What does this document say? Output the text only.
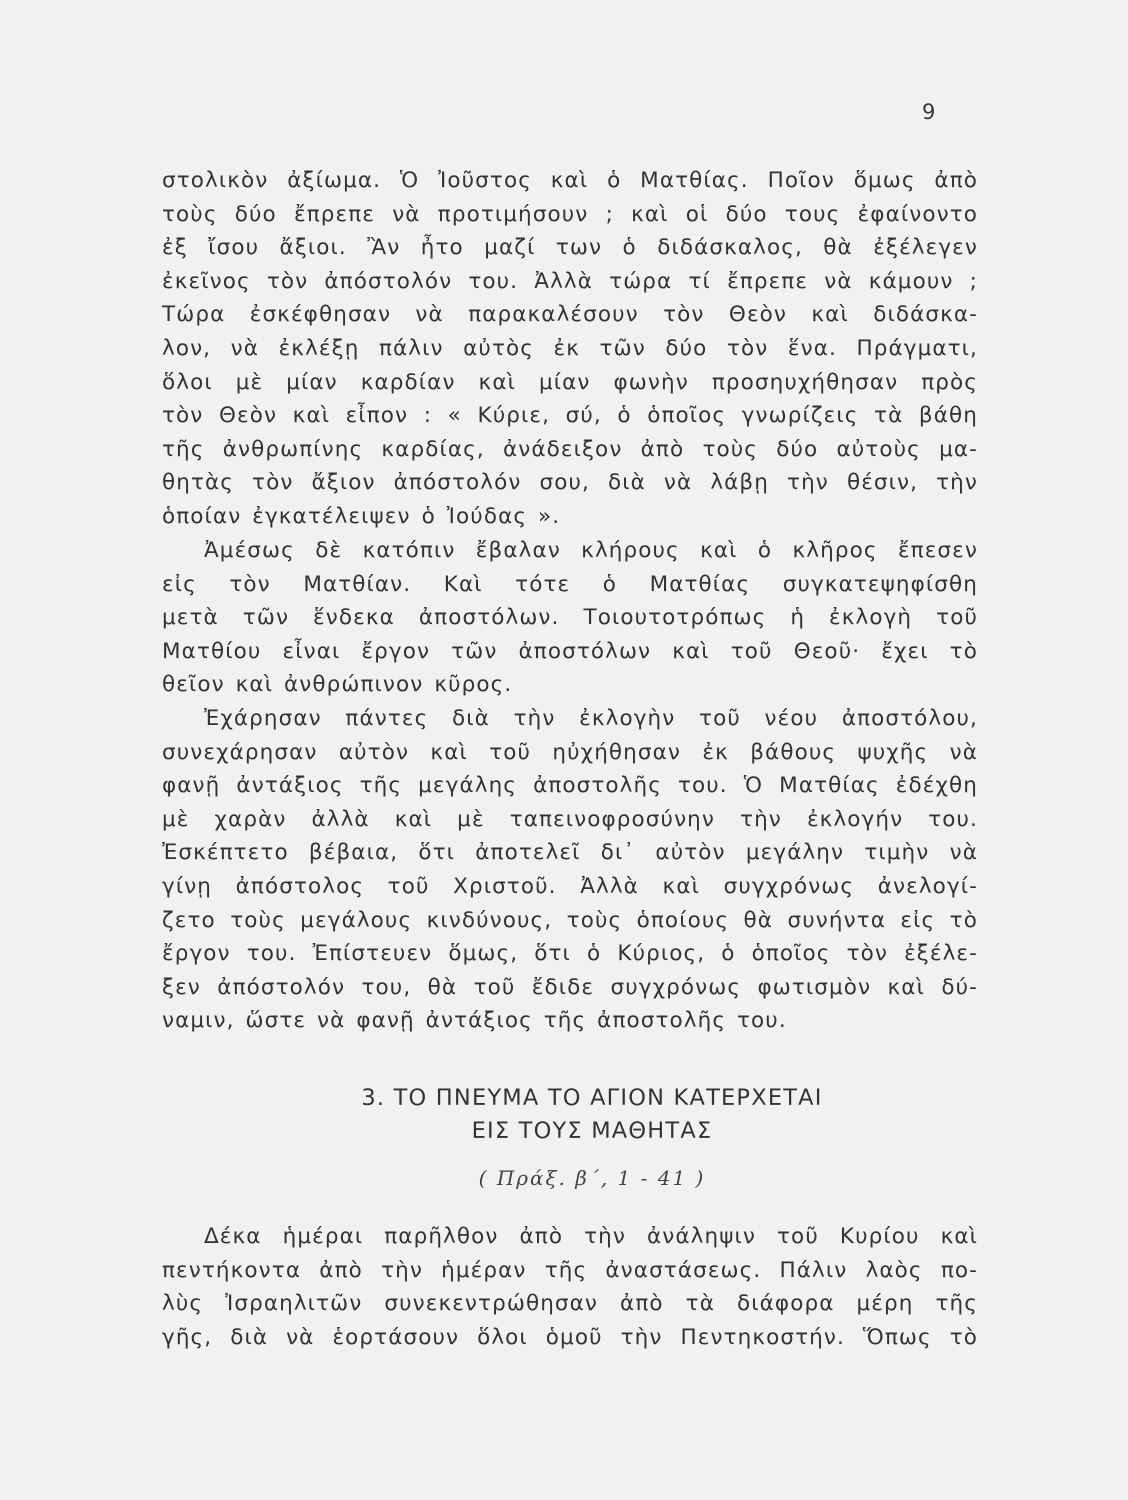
9
στολικὸν ἀξίωμα. Ὁ Ἰοῦστος καὶ ὁ Ματθίας. Ποῖον ὅμως ἀπὸ
τοὺς δύο ἔπρεπε νὰ προτιμήσουν ; καὶ οἱ δύο τους ἐφαίνοντο
ἐξ ἴσου ἄξιοι. Ἂν ἦτο μαζί των ὁ διδάσκαλος, θὰ ἐξέλεγεν
ἐκεῖνος τὸν ἀπόστολόν του. Ἀλλὰ τώρα τί ἔπρεπε νὰ κάμουν ;
Τώρα ἐσκέφθησαν νὰ παρακαλέσουν τὸν Θεὸν καὶ διδάσκα-
λον, νὰ ἐκλέξῃ πάλιν αὐτὸς ἐκ τῶν δύο τὸν ἕνα. Πράγματι,
ὅλοι μὲ μίαν καρδίαν καὶ μίαν φωνὴν προσηυχήθησαν πρὸς
τὸν Θεὸν καὶ εἶπον : « Κύριε, σύ, ὁ ὁποῖος γνωρίζεις τὰ βάθη
τῆς ἀνθρωπίνης καρδίας, ἀνάδειξον ἀπὸ τοὺς δύο αὐτοὺς μα-
θητὰς τὸν ἄξιον ἀπόστολόν σου, διὰ νὰ λάβῃ τὴν θέσιν, τὴν
ὁποίαν ἐγκατέλειψεν ὁ Ἰούδας ».
Ἀμέσως δὲ κατόπιν ἔβαλαν κλήρους καὶ ὁ κλῆρος ἔπεσεν
εἰς τὸν Ματθίαν. Καὶ τότε ὁ Ματθίας συγκατεψηφίσθη
μετὰ τῶν ἕνδεκα ἀποστόλων. Τοιουτοτρόπως ἡ ἐκλογὴ τοῦ
Ματθίου εἶναι ἔργον τῶν ἀποστόλων καὶ τοῦ Θεοῦ· ἔχει τὸ
θεῖον καὶ ἀνθρώπινον κῦρος.
Ἐχάρησαν πάντες διὰ τὴν ἐκλογὴν τοῦ νέου ἀποστόλου,
συνεχάρησαν αὐτὸν καὶ τοῦ ηὐχήθησαν ἐκ βάθους ψυχῆς νὰ
φανῇ ἀντάξιος τῆς μεγάλης ἀποστολῆς του. Ὁ Ματθίας ἐδέχθη
μὲ χαρὰν ἀλλὰ καὶ μὲ ταπεινοφροσύνην τὴν ἐκλογήν του.
Ἐσκέπτετο βέβαια, ὅτι ἀποτελεῖ δι᾽ αὐτὸν μεγάλην τιμὴν νὰ
γίνῃ ἀπόστολος τοῦ Χριστοῦ. Ἀλλὰ καὶ συγχρόνως ἀνελογί-
ζετο τοὺς μεγάλους κινδύνους, τοὺς ὁποίους θὰ συνήντα εἰς τὸ
ἔργον του. Ἐπίστευεν ὅμως, ὅτι ὁ Κύριος, ὁ ὁποῖος τὸν ἐξέλε-
ξεν ἀπόστολόν του, θὰ τοῦ ἔδιδε συγχρόνως φωτισμὸν καὶ δύ-
ναμιν, ὥστε νὰ φανῇ ἀντάξιος τῆς ἀποστολῆς του.
3. ΤΟ ΠΝΕΥΜΑ ΤΟ ΑΓΙΟΝ ΚΑΤΕΡΧΕΤΑΙ
ΕΙΣ ΤΟΥΣ ΜΑΘΗΤΑΣ
( Πράξ. β΄, 1 - 41 )
Δέκα ἡμέραι παρῆλθον ἀπὸ τὴν ἀνάληψιν τοῦ Κυρίου καὶ
πεντήκοντα ἀπὸ τὴν ἡμέραν τῆς ἀναστάσεως. Πάλιν λαὸς πο-
λὺς Ἰσραηλιτῶν συνεκεντρώθησαν ἀπὸ τὰ διάφορα μέρη τῆς
γῆς, διὰ νὰ ἑορτάσουν ὅλοι ὁμοῦ τὴν Πεντηκοστήν. Ὅπως τὸ
